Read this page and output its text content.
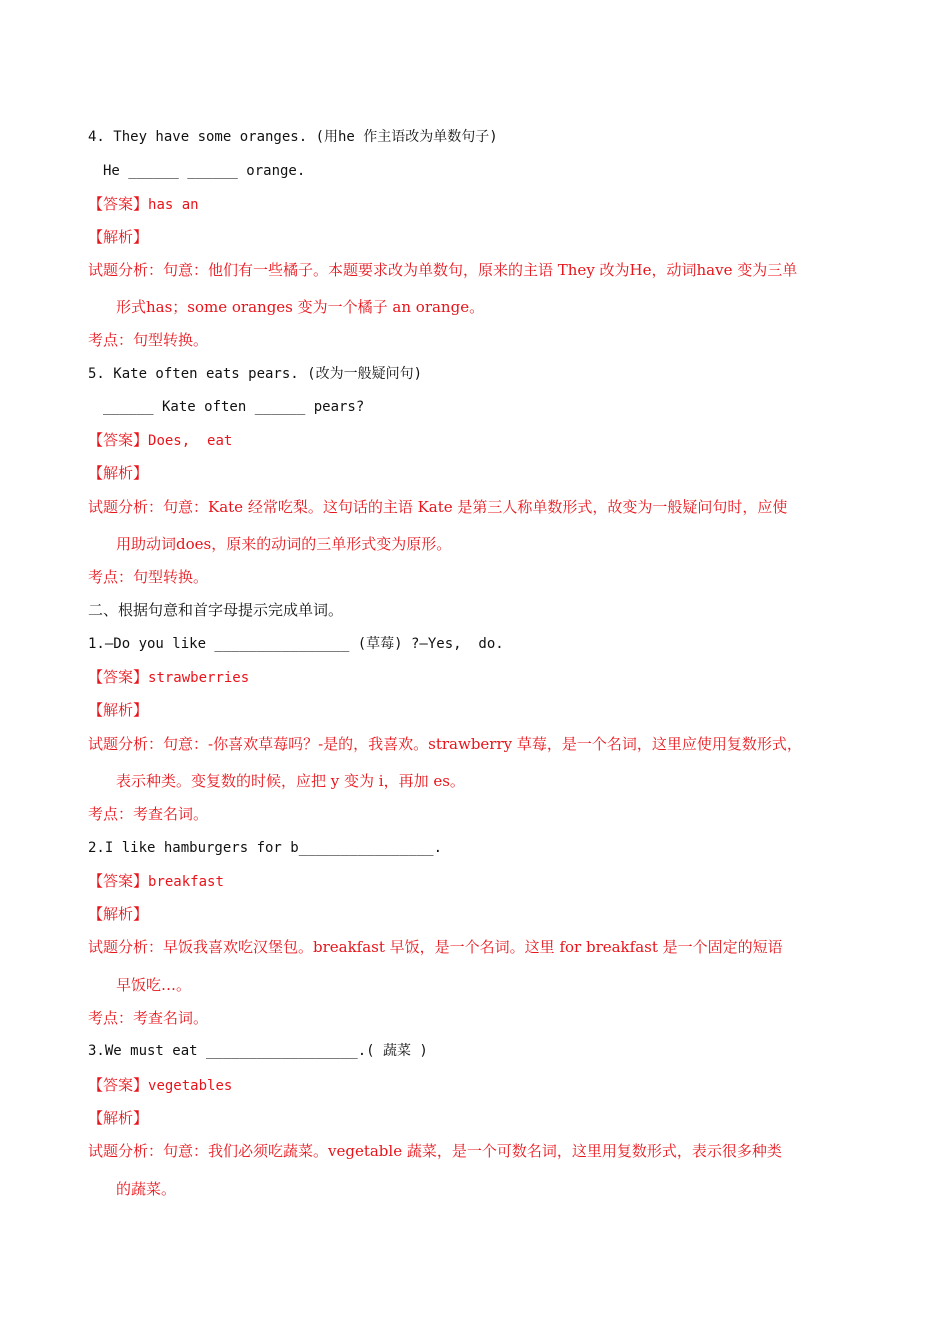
4. They have some oranges. (用he 作主语改为单数句子)
He ______ ______ orange.
【答案】has an
【解析】
试题分析：句意：他们有一些橘子。本题要求改为单数句，原来的主语 They 改为He，动词have 变为三单
形式has；some oranges 变为一个橘子 an orange。
考点：句型转换。
5. Kate often eats pears. (改为一般疑问句)
______ Kate often ______ pears?
【答案】Does,  eat
【解析】
试题分析：句意：Kate 经常吃梨。这句话的主语 Kate 是第三人称单数形式，故变为一般疑问句时，应使
用助动词does，原来的动词的三单形式变为原形。
考点：句型转换。
二、根据句意和首字母提示完成单词。
1.—Do you like ________________ (草莓) ?—Yes,  do.
【答案】strawberries
【解析】
试题分析：句意：-你喜欢草莓吗？-是的，我喜欢。strawberry 草莓，是一个名词，这里应使用复数形式，
表示种类。变复数的时候，应把 y 变为 i，再加 es。
考点：考查名词。
2.I like hamburgers for b________________.
【答案】breakfast
【解析】
试题分析：早饭我喜欢吃汉堡包。breakfast 早饭，是一个名词。这里 for breakfast 是一个固定的短语
早饭吃…。
考点：考查名词。
3.We must eat __________________.( 蔬菜 )
【答案】vegetables
【解析】
试题分析：句意：我们必须吃蔬菜。vegetable 蔬菜，是一个可数名词，这里用复数形式，表示很多种类
的蔬菜。
